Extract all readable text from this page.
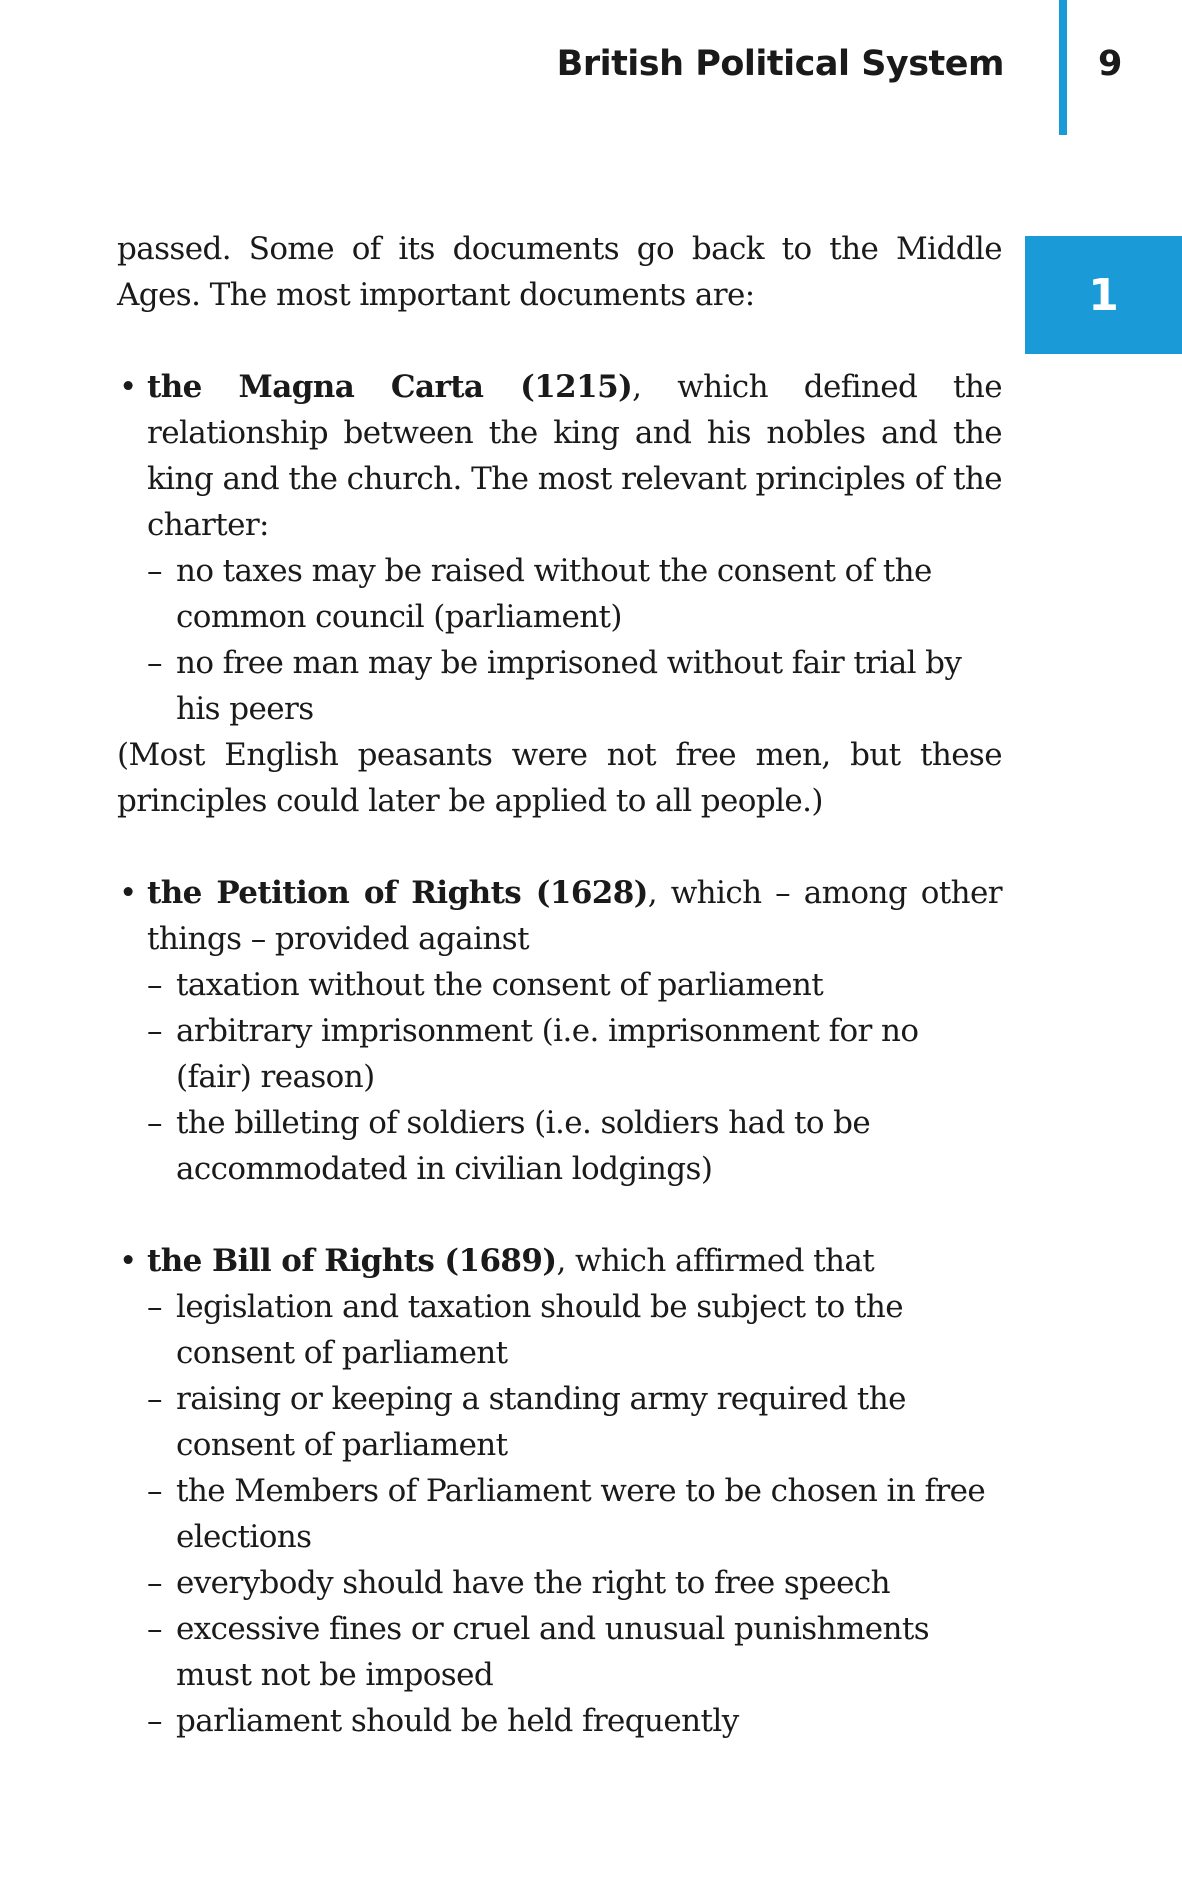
British Political System	9
1

passed. Some of its documents go back to the Middle Ages. The most important documents are:

• the Magna Carta (1215), which defined the relationship between the king and his nobles and the king and the church. The most relevant principles of the charter:

– no taxes may be raised without the consent of the common council (parliament)
– no free man may be imprisoned without fair trial by his peers

(Most English peasants were not free men, but these principles could later be applied to all people.)

• the Petition of Rights (1628), which – among other things – provided against

– taxation without the consent of parliament
– arbitrary imprisonment (i.e. imprisonment for no (fair) reason)
– the billeting of soldiers (i.e. soldiers had to be accommodated in civilian lodgings)

• the Bill of Rights (1689), which affirmed that

– legislation and taxation should be subject to the consent of parliament
– raising or keeping a standing army required the consent of parliament
– the Members of Parliament were to be chosen in free elections
– everybody should have the right to free speech
– excessive fines or cruel and unusual punishments must not be imposed
– parliament should be held frequently
